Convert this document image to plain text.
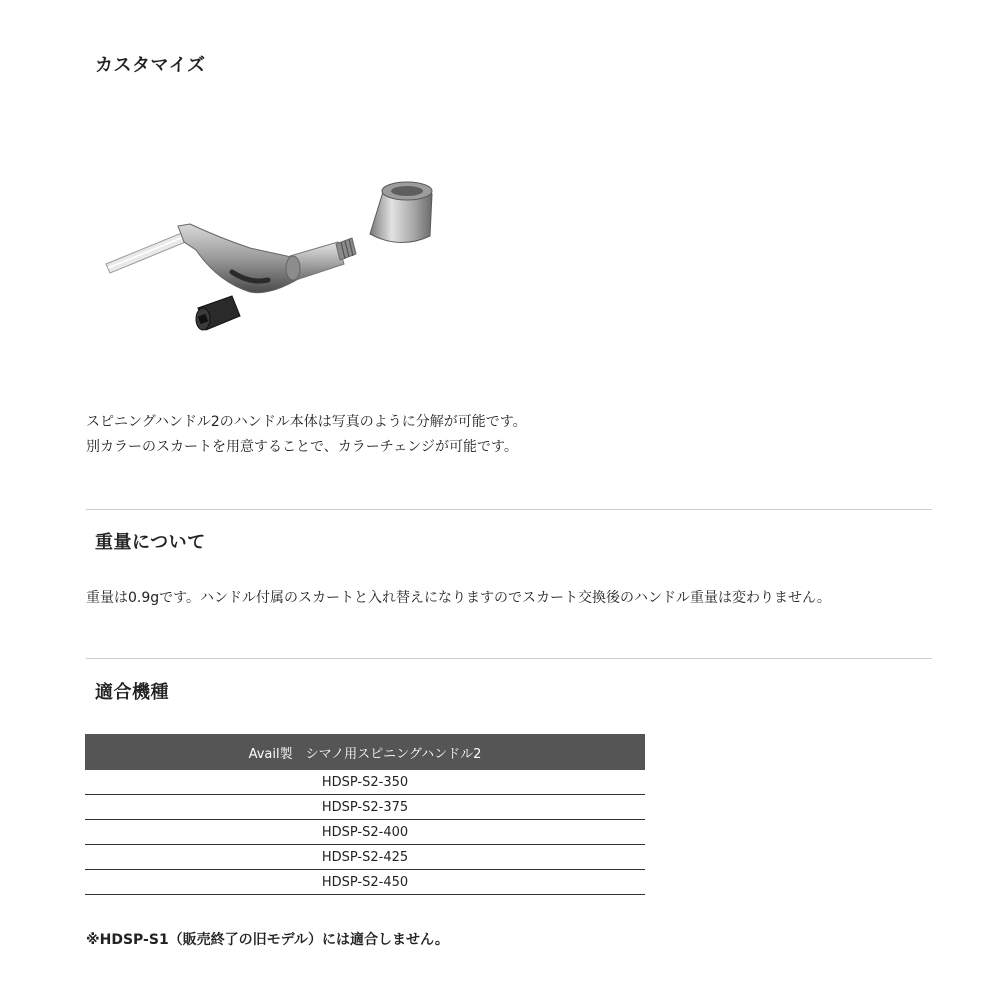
カスタマイズ
スピニングハンドル2のハンドル本体は写真のように分解が可能です。
別カラーのスカートを用意することで、カラーチェンジが可能です。
重量について

重量は0.9gです。ハンドル付属のスカートと入れ替えになりますのでスカート交換後のハンドル重量は変わりません。

適合機種
Avail製　シマノ用スピニングハンドル2
HDSP-S2-350
HDSP-S2-375
HDSP-S2-400
HDSP-S2-425
HDSP-S2-450

※HDSP-S1（販売終了の旧モデル）には適合しません。
